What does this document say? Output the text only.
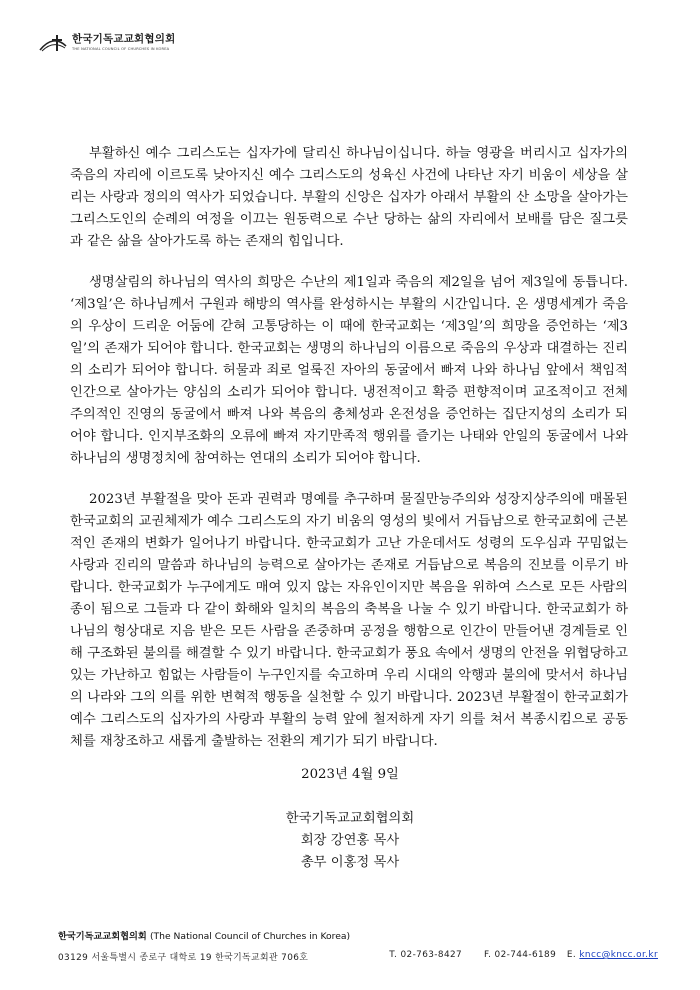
한국기독교교회협의회
THE NATIONAL COUNCIL OF CHURCHES IN KOREA

부활하신 예수 그리스도는 십자가에 달리신 하나님이십니다. 하늘 영광을 버리시고 십자가의 죽음의 자리에 이르도록 낮아지신 예수 그리스도의 성육신 사건에 나타난 자기 비움이 세상을 살리는 사랑과 정의의 역사가 되었습니다. 부활의 신앙은 십자가 아래서 부활의 산 소망을 살아가는 그리스도인의 순례의 여정을 이끄는 원동력으로 수난 당하는 삶의 자리에서 보배를 담은 질그릇과 같은 삶을 살아가도록 하는 존재의 힘입니다.

생명살림의 하나님의 역사의 희망은 수난의 제1일과 죽음의 제2일을 넘어 제3일에 동틉니다. ‘제3일’은 하나님께서 구원과 해방의 역사를 완성하시는 부활의 시간입니다. 온 생명세계가 죽음의 우상이 드리운 어둠에 갇혀 고통당하는 이 때에 한국교회는 ‘제3일’의 희망을 증언하는 ‘제3일’의 존재가 되어야 합니다. 한국교회는 생명의 하나님의 이름으로 죽음의 우상과 대결하는 진리의 소리가 되어야 합니다. 허물과 죄로 얼룩진 자아의 동굴에서 빠져 나와 하나님 앞에서 책임적 인간으로 살아가는 양심의 소리가 되어야 합니다. 냉전적이고 확증 편향적이며 교조적이고 전체주의적인 진영의 동굴에서 빠져 나와 복음의 총체성과 온전성을 증언하는 집단지성의 소리가 되어야 합니다. 인지부조화의 오류에 빠져 자기만족적 행위를 즐기는 나태와 안일의 동굴에서 나와 하나님의 생명정치에 참여하는 연대의 소리가 되어야 합니다.

2023년 부활절을 맞아 돈과 권력과 명예를 추구하며 물질만능주의와 성장지상주의에 매몰된 한국교회의 교권체제가 예수 그리스도의 자기 비움의 영성의 빛에서 거듭남으로 한국교회에 근본적인 존재의 변화가 일어나기 바랍니다. 한국교회가 고난 가운데서도 성령의 도우심과 꾸밈없는 사랑과 진리의 말씀과 하나님의 능력으로 살아가는 존재로 거듭남으로 복음의 진보를 이루기 바랍니다. 한국교회가 누구에게도 매여 있지 않는 자유인이지만 복음을 위하여 스스로 모든 사람의 종이 됨으로 그들과 다 같이 화해와 일치의 복음의 축복을 나눌 수 있기 바랍니다. 한국교회가 하나님의 형상대로 지음 받은 모든 사람을 존중하며 공정을 행함으로 인간이 만들어낸 경계들로 인해 구조화된 불의를 해결할 수 있기 바랍니다. 한국교회가 풍요 속에서 생명의 안전을 위협당하고 있는 가난하고 힘없는 사람들이 누구인지를 숙고하며 우리 시대의 악행과 불의에 맞서서 하나님의 나라와 그의 의를 위한 변혁적 행동을 실천할 수 있기 바랍니다. 2023년 부활절이 한국교회가 예수 그리스도의 십자가의 사랑과 부활의 능력 앞에 철저하게 자기 의를 쳐서 복종시킴으로 공동체를 재창조하고 새롭게 출발하는 전환의 계기가 되기 바랍니다.

2023년 4월 9일
한국기독교교회협의회
회장 강연홍 목사
총무 이홍정 목사
한국기독교교회협의회 (The National Council of Churches in Korea)
03129 서울특별시 종로구 대학로 19 한국기독교회관 706호	T. 02-763-8427	F. 02-744-6189	E. kncc@kncc.or.kr
